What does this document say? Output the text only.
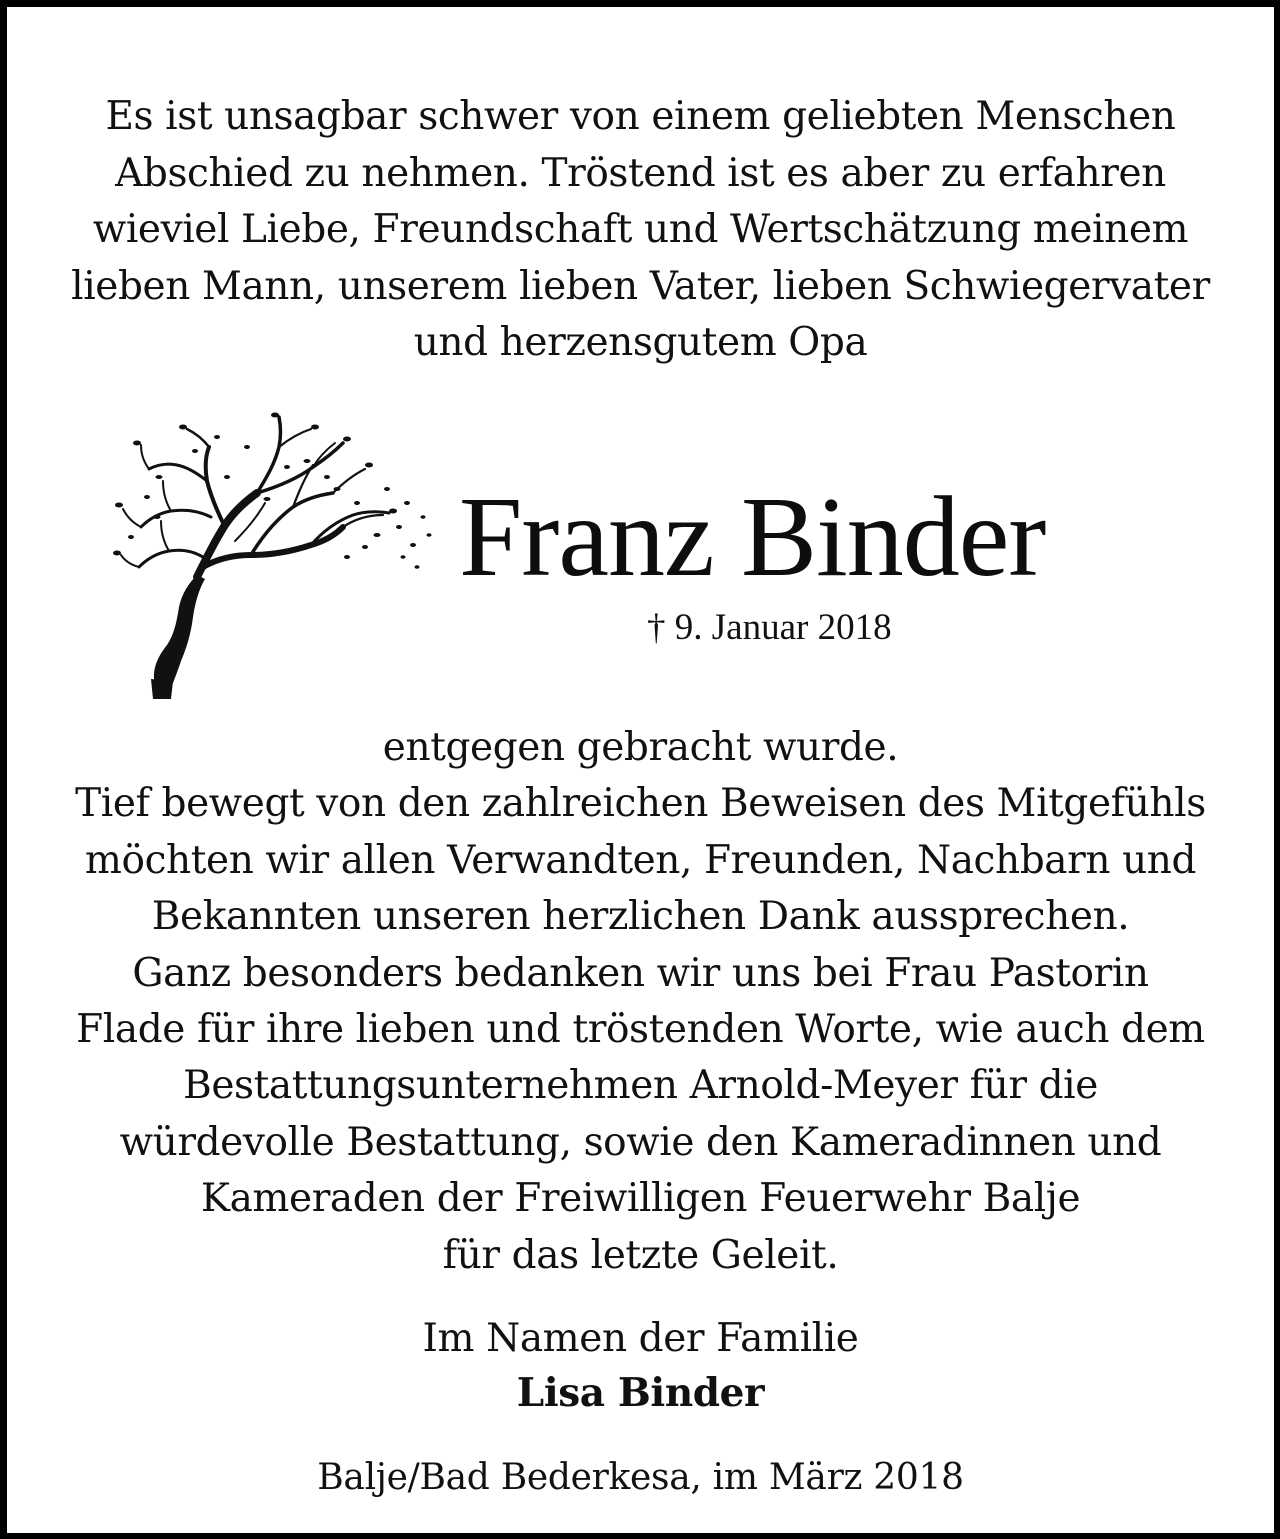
Es ist unsagbar schwer von einem geliebten Menschen
Abschied zu nehmen. Tröstend ist es aber zu erfahren
wieviel Liebe, Freundschaft und Wertschätzung meinem
lieben Mann, unserem lieben Vater, lieben Schwiegervater
und herzensgutem Opa
Franz Binder
† 9. Januar 2018
entgegen gebracht wurde.
Tief bewegt von den zahlreichen Beweisen des Mitgefühls
möchten wir allen Verwandten, Freunden, Nachbarn und
Bekannten unseren herzlichen Dank aussprechen.
Ganz besonders bedanken wir uns bei Frau Pastorin
Flade für ihre lieben und tröstenden Worte, wie auch dem
Bestattungsunternehmen Arnold-Meyer für die
würdevolle Bestattung, sowie den Kameradinnen und
Kameraden der Freiwilligen Feuerwehr Balje
für das letzte Geleit.
Im Namen der Familie
Lisa Binder
Balje/Bad Bederkesa, im März 2018
